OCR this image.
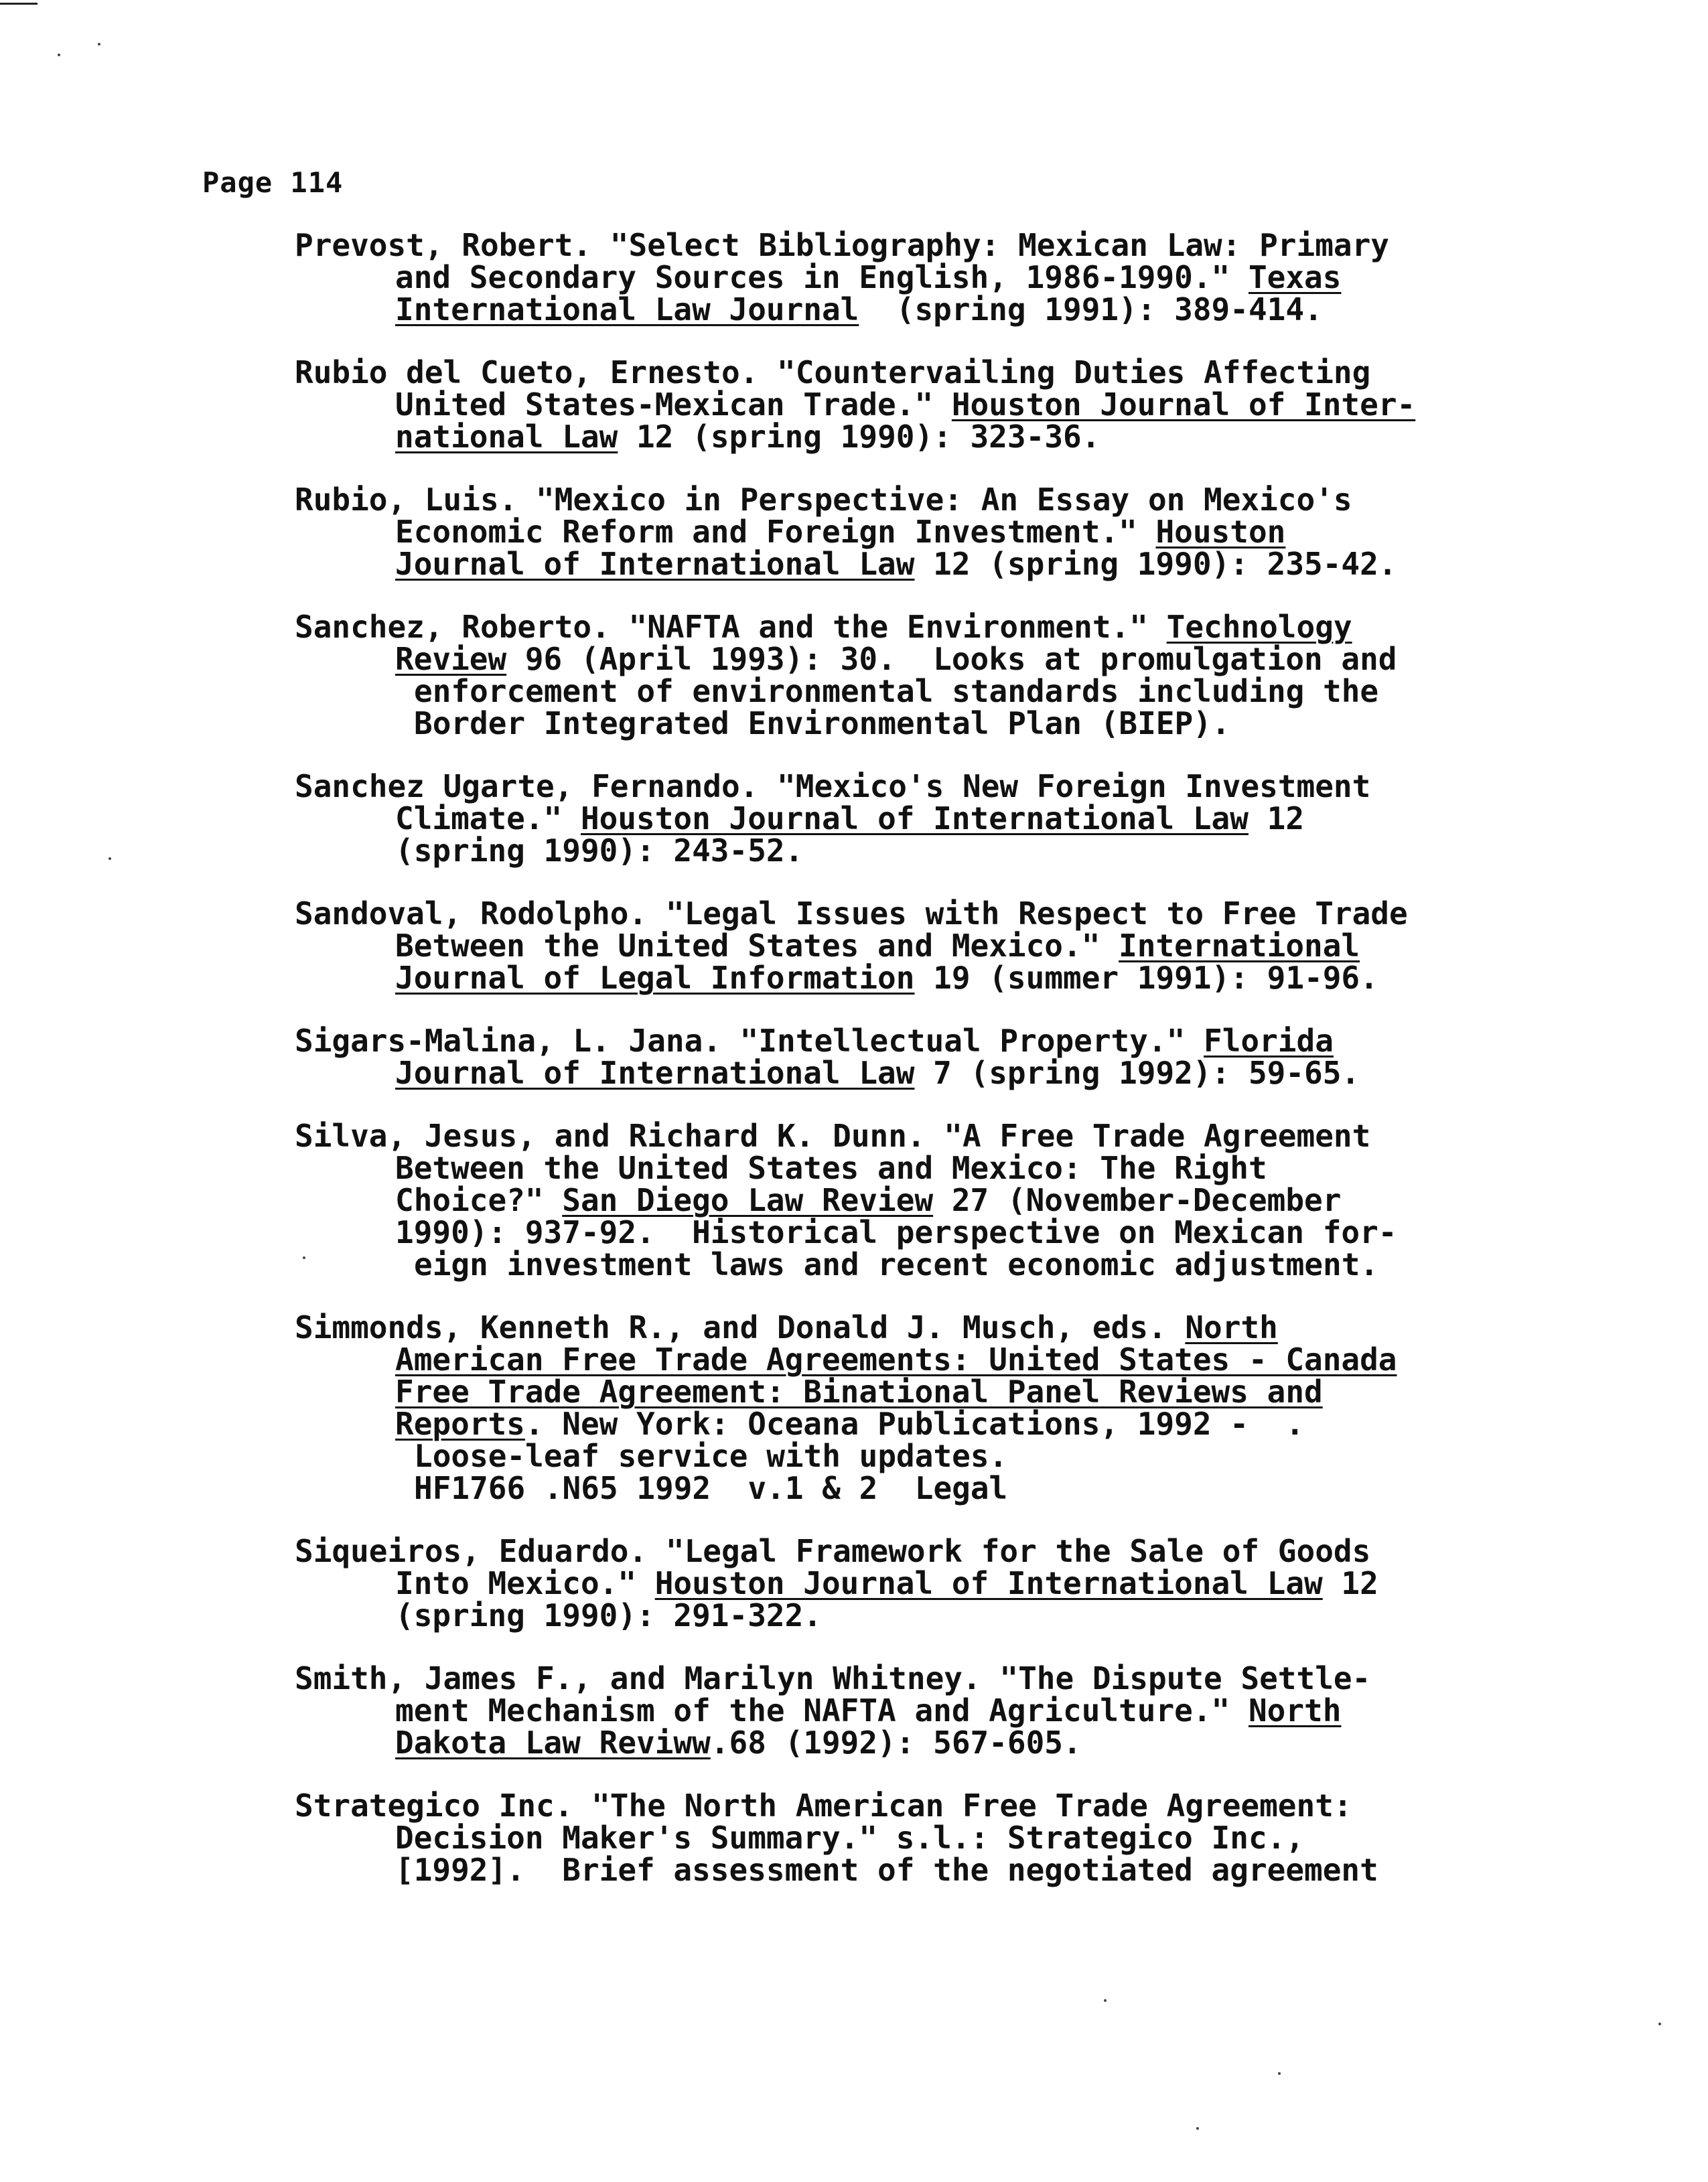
Page 114
Prevost, Robert. "Select Bibliography: Mexican Law: Primary
and Secondary Sources in English, 1986-1990." Texas
International Law Journal  (spring 1991): 389-414.
Rubio del Cueto, Ernesto. "Countervailing Duties Affecting
United States-Mexican Trade." Houston Journal of Inter-
national Law 12 (spring 1990): 323-36.
Rubio, Luis. "Mexico in Perspective: An Essay on Mexico's
Economic Reform and Foreign Investment." Houston
Journal of International Law 12 (spring 1990): 235-42.
Sanchez, Roberto. "NAFTA and the Environment." Technology
Review 96 (April 1993): 30.  Looks at promulgation and
enforcement of environmental standards including the
Border Integrated Environmental Plan (BIEP).
Sanchez Ugarte, Fernando. "Mexico's New Foreign Investment
Climate." Houston Journal of International Law 12
(spring 1990): 243-52.
Sandoval, Rodolpho. "Legal Issues with Respect to Free Trade
Between the United States and Mexico." International
Journal of Legal Information 19 (summer 1991): 91-96.
Sigars-Malina, L. Jana. "Intellectual Property." Florida
Journal of International Law 7 (spring 1992): 59-65.
Silva, Jesus, and Richard K. Dunn. "A Free Trade Agreement
Between the United States and Mexico: The Right
Choice?" San Diego Law Review 27 (November-December
1990): 937-92.  Historical perspective on Mexican for-
eign investment laws and recent economic adjustment.
Simmonds, Kenneth R., and Donald J. Musch, eds. North
American Free Trade Agreements: United States - Canada
Free Trade Agreement: Binational Panel Reviews and
Reports. New York: Oceana Publications, 1992 -  .
Loose-leaf service with updates.
HF1766 .N65 1992  v.1 & 2  Legal
Siqueiros, Eduardo. "Legal Framework for the Sale of Goods
Into Mexico." Houston Journal of International Law 12
(spring 1990): 291-322.
Smith, James F., and Marilyn Whitney. "The Dispute Settle-
ment Mechanism of the NAFTA and Agriculture." North
Dakota Law Reviww.68 (1992): 567-605.
Strategico Inc. "The North American Free Trade Agreement:
Decision Maker's Summary." s.l.: Strategico Inc.,
[1992].  Brief assessment of the negotiated agreement
